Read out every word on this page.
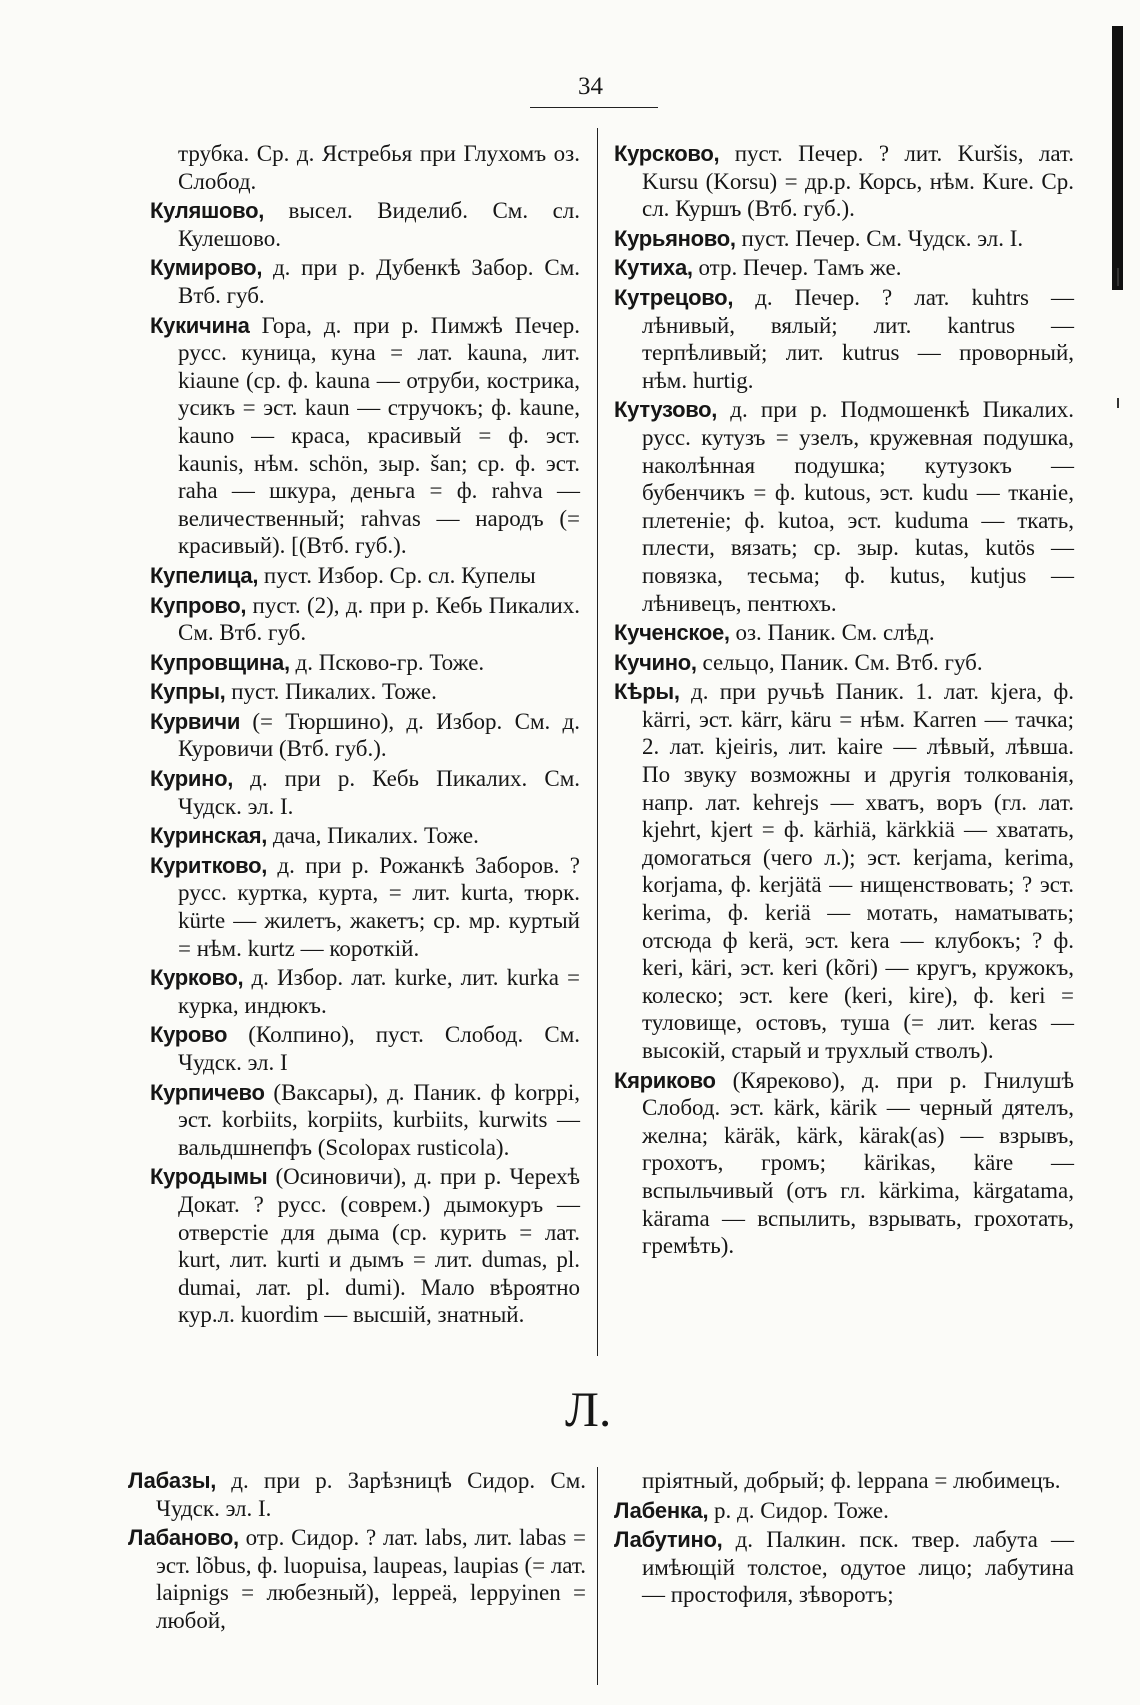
34

трубка. Ср. д. Ястребья при Глухомъ оз. Слобод.

Куляшово, высел. Виделиб. См. сл. Кулешово.

Кумирово, д. при р. Дубенкѣ Забор. См. Втб. губ.

Кукичина Гора, д. при р. Пимжѣ Печер. русс. куница, куна = лат. kauna, лит. kiaune (ср. ф. kauna — отруби, кострика, усикъ = эст. kaun — стручокъ; ф. kaune, kauno — краса, красивый = ф. эст. kaunis, нѣм. schön, зыр. šan; ср. ф. эст. raha — шкура, деньга = ф. rahva — величественный; rahvas — народъ (= красивый). [(Втб. губ.).

Купелица, пуст. Избор. Ср. сл. Купелы

Купрово, пуст. (2), д. при р. Кебь Пикалих. См. Втб. губ.

Купровщина, д. Псково-гр. Тоже.

Купры, пуст. Пикалих. Тоже.

Курвичи (= Тюршино), д. Избор. См. д. Куровичи (Втб. губ.).

Курино, д. при р. Кебь Пикалих. См. Чудск. эл. I.

Куринская, дача, Пикалих. Тоже.

Куритково, д. при р. Рожанкѣ Заборов. ? русс. куртка, курта, = лит. kurta, тюрк. kürte — жилетъ, жакетъ; ср. мр. куртый = нѣм. kurtz — короткій.

Курково, д. Избор. лат. kurke, лит. kurka = курка, индюкъ.

Курово (Колпино), пуст. Слобод. См. Чудск. эл. I

Курпичево (Ваксары), д. Паник. ф korppi, эст. korbiits, korpiits, kurbiits, kurwits — вальдшнепфъ (Scolopax rusticola).

Куродымы (Осиновичи), д. при р. Черехѣ Докат. ? русс. (соврем.) дымокуръ — отверстіе для дыма (ср. курить = лат. kurt, лит. kurti и дымъ = лит. dumas, pl. dumai, лат. pl. dumi). Мало вѣроятно кур.л. kuordim — высшій, знатный.

Курсково, пуст. Печер. ? лит. Kuršis, лат. Kursu (Korsu) = др.р. Корсь, нѣм. Kure. Ср. сл. Куршъ (Втб. губ.).

Курьяново, пуст. Печер. См. Чудск. эл. I.

Кутиха, отр. Печер. Тамъ же.

Кутрецово, д. Печер. ? лат. kuhtrs — лѣнивый, вялый; лит. kantrus — терпѣливый; лит. kutrus — проворный, нѣм. hurtig.

Кутузово, д. при р. Подмошенкѣ Пикалих. русс. кутузъ = узелъ, кружевная подушка, наколѣнная подушка; кутузокъ — бубенчикъ = ф. kutous, эст. kudu — тканіе, плетеніе; ф. kutoa, эст. kuduma — ткать, плести, вязать; ср. зыр. kutas, kutös — повязка, тесьма; ф. kutus, kutjus — лѣнивецъ, пентюхъ.

Кученское, оз. Паник. См. слѣд.

Кучино, сельцо, Паник. См. Втб. губ.

Кѣры, д. при ручьѣ Паник. 1. лат. kjera, ф. kärri, эст. kärr, käru = нѣм. Karren — тачка; 2. лат. kjeiris, лит. kaire — лѣвый, лѣвша. По звуку возможны и другія толкованія, напр. лат. kehrejs — хватъ, воръ (гл. лат. kjehrt, kjert = ф. kärhiä, kärkkiä — хватать, домогаться (чего л.); эст. kerjama, kerima, korjama, ф. kerjätä — нищенствовать; ? эст. kerima, ф. keriä — мотать, наматывать; отсюда ф kerä, эст. kera — клубокъ; ? ф. keri, käri, эст. keri (kõri) — кругъ, кружокъ, колеско; эст. kere (keri, kire), ф. keri = туловище, остовъ, туша (= лит. keras — высокій, старый и трухлый стволъ).

Кяриково (Кярековo), д. при р. Гнилушѣ Слобод. эст. kärk, kärik — черный дятелъ, желна; käräk, kärk, kärak(as) — взрывъ, грохотъ, громъ; kärikas, käre — вспыльчивый (отъ гл. kärkima, kärgatama, kärama — вспылить, взрывать, грохотать, гремѣть).

Л.

Лабазы, д. при р. Зарѣзницѣ Сидор. См. Чудск. эл. I.

Лабаново, отр. Сидор. ? лат. labs, лит. labas = эст. lõbus, ф. luopuisa, laupeas, laupias (= лат. laipnigs = любезный), leppeä, leppyinen = любой,

пріятный, добрый; ф. leppana = любимецъ.

Лабенка, р. д. Сидор. Тоже.

Лабутино, д. Палкин. пск. твер. лабута — имѣющій толстое, одутое лицо; лабутина — простофиля, зѣворотъ;
